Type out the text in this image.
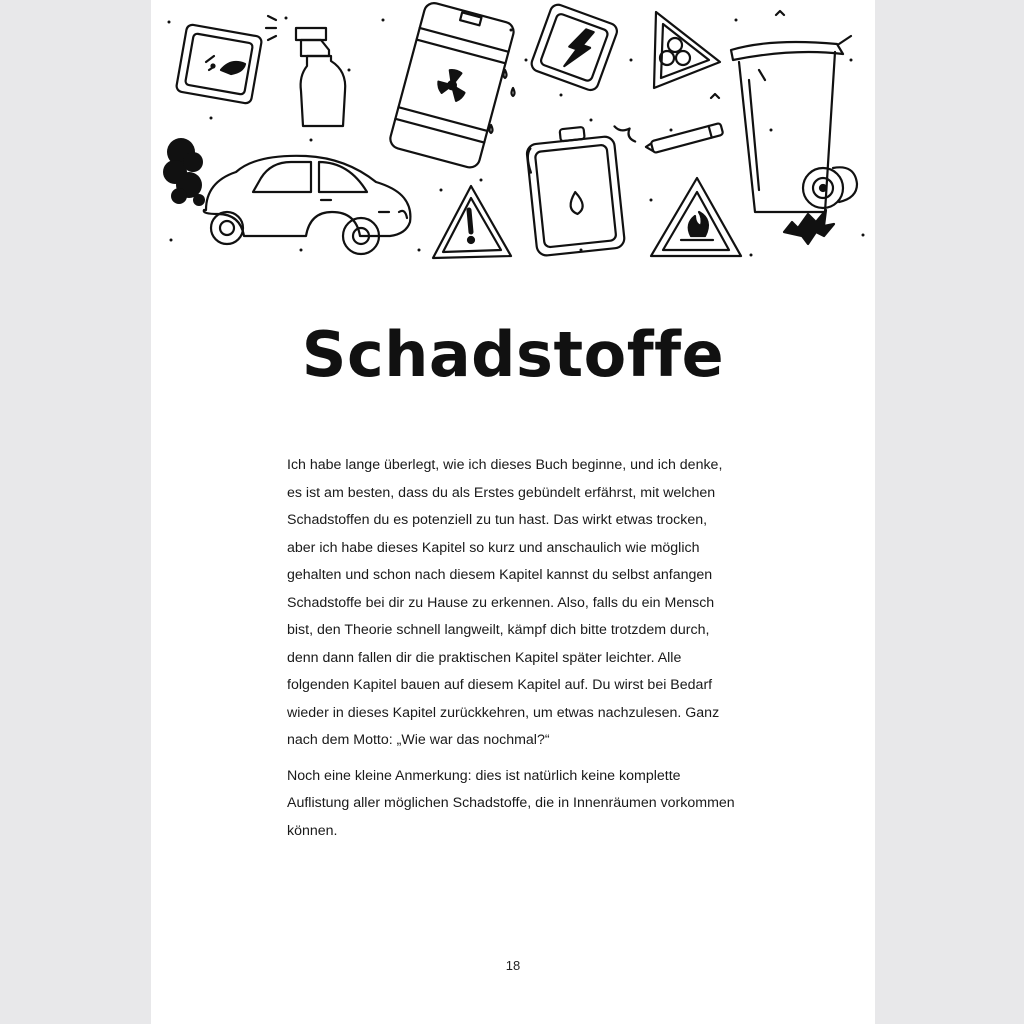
Schadstoffe

Ich habe lange überlegt, wie ich dieses Buch beginne, und ich denke, es ist am besten, dass du als Erstes gebündelt erfährst, mit welchen Schadstoffen du es potenziell zu tun hast. Das wirkt etwas trocken, aber ich habe dieses Kapitel so kurz und anschaulich wie möglich gehalten und schon nach diesem Kapitel kannst du selbst anfangen Schadstoffe bei dir zu Hause zu erkennen. Also, falls du ein Mensch bist, den Theorie schnell langweilt, kämpf dich bitte trotzdem durch, denn dann fallen dir die praktischen Kapitel später leichter. Alle folgenden Kapitel bauen auf diesem Kapitel auf. Du wirst bei Bedarf wieder in dieses Kapitel zurückkehren, um etwas nachzulesen. Ganz nach dem Motto: „Wie war das nochmal?“

Noch eine kleine Anmerkung: dies ist natürlich keine komplette Auflistung aller möglichen Schadstoffe, die in Innenräumen vorkommen können.

18
